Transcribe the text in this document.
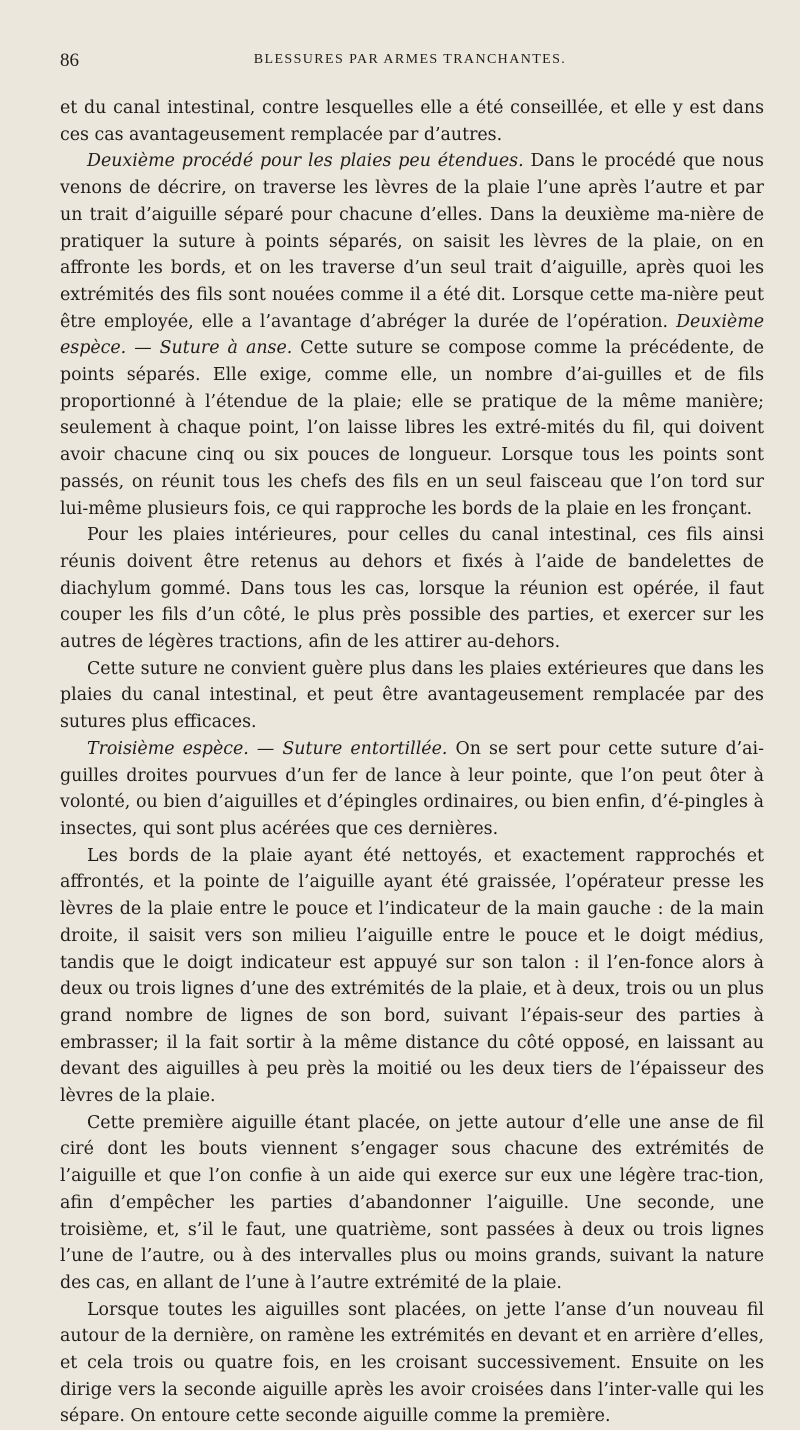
86	BLESSURES PAR ARMES TRANCHANTES.

et du canal intestinal, contre lesquelles elle a été conseillée, et elle y est dans ces cas avantageusement remplacée par d’autres.

Deuxième procédé pour les plaies peu étendues. Dans le procédé que nous venons de décrire, on traverse les lèvres de la plaie l’une après l’autre et par un trait d’aiguille séparé pour chacune d’elles. Dans la deuxième ma-nière de pratiquer la suture à points séparés, on saisit les lèvres de la plaie, on en affronte les bords, et on les traverse d’un seul trait d’aiguille, après quoi les extrémités des fils sont nouées comme il a été dit. Lorsque cette ma-nière peut être employée, elle a l’avantage d’abréger la durée de l’opération. Deuxième espèce. — Suture à anse. Cette suture se compose comme la précédente, de points séparés. Elle exige, comme elle, un nombre d’ai-guilles et de fils proportionné à l’étendue de la plaie; elle se pratique de la même manière; seulement à chaque point, l’on laisse libres les extré-mités du fil, qui doivent avoir chacune cinq ou six pouces de longueur. Lorsque tous les points sont passés, on réunit tous les chefs des fils en un seul faisceau que l’on tord sur lui-même plusieurs fois, ce qui rapproche les bords de la plaie en les fronçant.

Pour les plaies intérieures, pour celles du canal intestinal, ces fils ainsi réunis doivent être retenus au dehors et fixés à l’aide de bandelettes de diachylum gommé. Dans tous les cas, lorsque la réunion est opérée, il faut couper les fils d’un côté, le plus près possible des parties, et exercer sur les autres de légères tractions, afin de les attirer au-dehors.

Cette suture ne convient guère plus dans les plaies extérieures que dans les plaies du canal intestinal, et peut être avantageusement remplacée par des sutures plus efficaces.

Troisième espèce. — Suture entortillée. On se sert pour cette suture d’ai-guilles droites pourvues d’un fer de lance à leur pointe, que l’on peut ôter à volonté, ou bien d’aiguilles et d’épingles ordinaires, ou bien enfin, d’é-pingles à insectes, qui sont plus acérées que ces dernières.

Les bords de la plaie ayant été nettoyés, et exactement rapprochés et affrontés, et la pointe de l’aiguille ayant été graissée, l’opérateur presse les lèvres de la plaie entre le pouce et l’indicateur de la main gauche : de la main droite, il saisit vers son milieu l’aiguille entre le pouce et le doigt médius, tandis que le doigt indicateur est appuyé sur son talon : il l’en-fonce alors à deux ou trois lignes d’une des extrémités de la plaie, et à deux, trois ou un plus grand nombre de lignes de son bord, suivant l’épais-seur des parties à embrasser; il la fait sortir à la même distance du côté opposé, en laissant au devant des aiguilles à peu près la moitié ou les deux tiers de l’épaisseur des lèvres de la plaie.

Cette première aiguille étant placée, on jette autour d’elle une anse de fil ciré dont les bouts viennent s’engager sous chacune des extrémités de l’aiguille et que l’on confie à un aide qui exerce sur eux une légère trac-tion, afin d’empêcher les parties d’abandonner l’aiguille. Une seconde, une troisième, et, s’il le faut, une quatrième, sont passées à deux ou trois lignes l’une de l’autre, ou à des intervalles plus ou moins grands, suivant la nature des cas, en allant de l’une à l’autre extrémité de la plaie.

Lorsque toutes les aiguilles sont placées, on jette l’anse d’un nouveau fil autour de la dernière, on ramène les extrémités en devant et en arrière d’elles, et cela trois ou quatre fois, en les croisant successivement. Ensuite on les dirige vers la seconde aiguille après les avoir croisées dans l’inter-valle qui les sépare. On entoure cette seconde aiguille comme la première.
